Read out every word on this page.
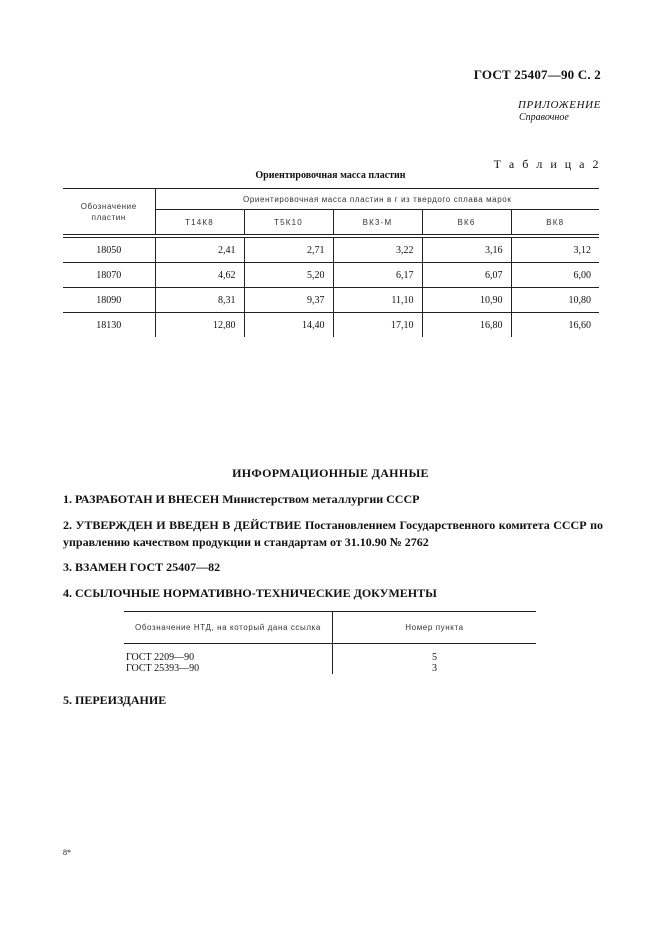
ГОСТ 25407—90 С. 2
ПРИЛОЖЕНИЕ
Справочное
Т а б л и ц а 2
Ориентировочная масса пластин
Обозначение пластин	Ориентировочная масса пластин в г из твердого сплава марок				
	Т14К8	Т5К10	ВК3-М	ВК6	ВК8

18050	2,41	2,71	3,22	3,16	3,12
18070	4,62	5,20	6,17	6,07	6,00
18090	8,31	9,37	11,10	10,90	10,80
18130	12,80	14,40	17,10	16,80	16,60
ИНФОРМАЦИОННЫЕ ДАННЫЕ
1. РАЗРАБОТАН И ВНЕСЕН Министерством металлургии СССР
2. УТВЕРЖДЕН И ВВЕДЕН В ДЕЙСТВИЕ Постановлением Государственного комитета СССР по управлению качеством продукции и стандартам от 31.10.90 № 2762
3. ВЗАМЕН ГОСТ 25407—82
4. ССЫЛОЧНЫЕ НОРМАТИВНО-ТЕХНИЧЕСКИЕ ДОКУМЕНТЫ
Обозначение НТД, на который дана ссылка	Номер пункта
ГОСТ 2209—90	5
ГОСТ 25393—90	3
5. ПЕРЕИЗДАНИЕ
8*
